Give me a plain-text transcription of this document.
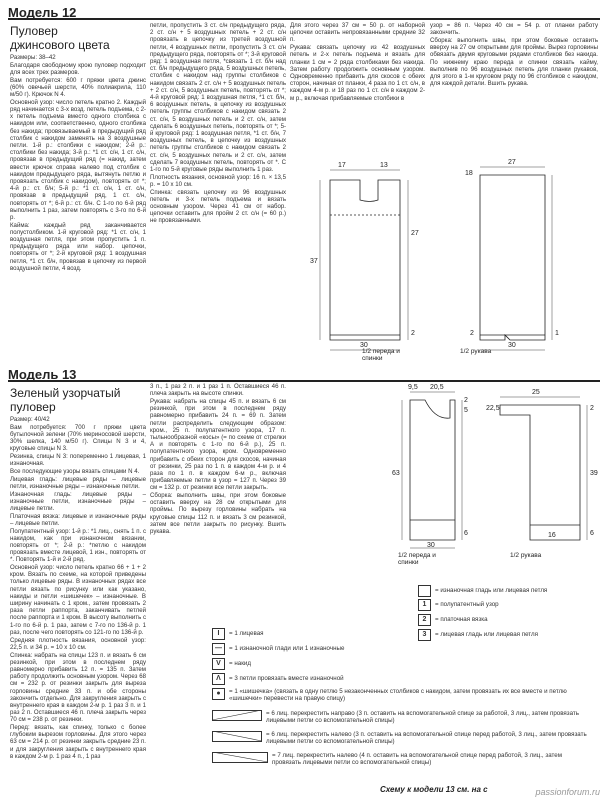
Модель 12
Пуловер
джинсового цвета

Размеры: 38–42

Благодаря свободному крою пуловер подходит для всех трех размеров.

Вам потребуется: 600 г пряжи цвета джинс (60% овечьей шерсти, 40% полиакрила, 110 м/50 г). Крючок N 4.

Основной узор: число петель кратно 2. Каждый ряд начинается с 3-х возд. петель подъема, с 2-х петель подъема вместо одного столбика с накидом или, соответственно, одного столбика без накида; провязываемый в предыдущий ряд столбик с накидом заменять на 3 воздушные петли. 1-й р.: столбики с накидом; 2-й р.: столбики без накида; 3-й р.: *1 ст. с/н, 1 ст. с/н, провязав в предыдущий ряд (= накид, затем ввести крючок справа налево под столбик с накидом предыдущего ряда, вытянуть петлю и провязать столбик с накидом), повторять от *; 4-й р.: ст. б/н; 5-й р.: *1 ст. с/н, 1 ст. с/н, провязав в предыдущий ряд, 1 ст. с/н, повторять от *; 6-й р.: ст. б/н. С 1-го по 6-й ряд выполнить 1 раз, затем повторять с 3-го по 6-й р.

Кайма: каждый ряд заканчивается полустолбиком. 1-й круговой ряд: *1 ст. с/н, 1 воздушная петля, при этом пропустить 1 п. предыдущего ряда или набор. цепочки, повторять от *; 2-й круговой ряд: 1 воздушная петля, *1 ст. б/н, провязав в цепочку из первой воздушной петли, 4 возд.

петли, пропустить 3 ст. с/н предыдущего ряда, 2 ст. с/н + 5 воздушных петель + 2 ст. с/н провязать в цепочку из третей воздушной петли, 4 воздушных петли, пропустить 3 ст. с/н предыдущего ряда, повторять от *; 3-й круговой ряд: 1 воздушная петля, *связать 1 ст. б/н над ст. б/н предыдущего ряда, 5 воздушных петель, столбик с накидом над группы столбиков с накидом связать 2 ст. с/н + 5 воздушных петель + 2 ст. с/н, 5 воздушных петель, повторять от *; 4-й круговой ряд: 1 воздушная петля, *1 ст. б/н, 6 воздушных петель, в цепочку из воздушных петель группы столбиков с накидом связать 2 ст. с/н, 5 воздушных петель и 2 ст. с/н, затем сделать 6 воздушных петель, повторять от *; 5-й круговой ряд: 1 воздушная петля, *1 ст. б/н, 7 воздушных петель, в цепочку из воздушных петель группы столбиков с накидом связать 2 ст. с/н, 5 воздушных петель и 2 ст. с/н, затем сделать 7 воздушных петель, повторять от *. С 1-го по 5-й круговые ряды выполнить 1 раз.

Плотность вязания, основной узор: 16 п. × 13,5 р. = 10 х 10 см.

Спинка: связать цепочку из 96 воздушных петель и 3-х петель подъема и вязать основным узором. Через 41 см от набор. цепочки оставить для пройм 2 ст. с/н (= 60 р.) не провязанными.

Для этого через 37 см = 50 р. от наборной цепочки оставить непровязанными средние 32 п.

Рукава: связать цепочку из 42 воздушных петель и 2-х петель подъема и вязать для планки 1 см = 2 ряда столбиками без накида. Затем работу продолжить основным узором. Одновременно прибавить для скосов с обеих сторон, начиная от планки, 4 раза по 1 ст. с/н, в каждом 4-м р. и 18 раз по 1 ст. с/н в каждом 2-м р., включая прибавляемые столбики в

узор = 86 п. Через 40 см = 54 р. от планки работу закончить.

Сборка: выполнить швы, при этом боковые оставить вверху на 27 см открытыми для проймы. Вырез горловины обвязать двумя круговыми рядами столбиков без накида. По нижнему краю переда и спинки связать кайму, выполнив по 96 воздушных петель для планки рукавов, для этого в 1-м круговом ряду по 96 столбиков с накидом, для каждой детали. Вшить рукава.

17	13
37
27
2
30
18
27
1
2
30
1/2 переда и спинки
1/2 рукава
Модель 13
Зеленый узорчатый
пуловер

Размер: 40/42

Вам потребуется: 700 г пряжи цвета бутылочной зелени (70% мериносовой шерсти, 30% шелка, 140 м/50 г). Спицы N 3 и 4, круговые спицы N 3.

Резинка, спицы N 3: попеременно 1 лицевая, 1 изнаночная.

Все последующие узоры вязать спицами N 4.

Лицевая гладь: лицевые ряды – лицевые петли, изнаночные ряды – изнаночные петли.

Изнаночная гладь: лицевые ряды – изнаночные петли, изнаночные ряды – лицевые петли.

Платочная вязка: лицевые и изнаночные ряды – лицевые петли.

Полупатентный узор: 1-й р.: *1 лиц., снять 1 п. с накидом, как при изнаночном вязании, повторять от *; 2-й р.: *петлю с накидом провязать вместе лицевой, 1 изн., повторять от *. Повторять 1-й и 2-й ряд.

Основной узор: число петель кратно 66 + 1 + 2 кром. Вязать по схеме, на которой приведены только лицевые ряды. В изнаночных рядах все петли вязать по рисунку или как указано, накиды и петли «шишечек» – изнаночные. В ширину начинать с 1 кром., затем провязать 2 раза петли раппорта, заканчивать петлей после раппорта и 1 кром. В высоту выполнить с 1-го по 6-й р. 1 раз, затем с 7-го по 136-й р. 1 раз, после чего повторять со 121-го по 136-й р.

Средняя плотность вязания, основной узор: 22,5 п. и 34 р. = 10 х 10 см.

Спинка: набрать на спицы 123 п. и вязать 6 см резинкой, при этом в последнем ряду равномерно прибавить 12 п. = 135 п. Затем работу продолжить основным узором. Через 68 см = 232 р. от резинки закрыть для выреза горловины средние 33 п. и обе стороны закончить отдельно. Для закругления закрыть с внутреннего края в каждом 2-м р. 1 раз 3 п. и 1 раз 2 п. Оставшиеся 46 п. плеча закрыть через 70 см = 238 р. от резинки.

Перед: вязать, как спинку, только с более глубоким вырезом горловины. Для этого через 63 см = 214 р. от резинки закрыть средние 23 п. и для закругления закрыть с внутреннего края в каждом 2-м р. 1 раз 4 п., 1 раз

3 п., 1 раз 2 п. и 1 раз 1 п. Оставшиеся 46 п. плеча закрыть на высоте спинки.

Рукава: набрать на спицы 45 п. и вязать 6 см резинкой, при этом в последнем ряду равномерно прибавить 24 п. = 69 п. Затем петли распределить следующим образом: кром., 25 п. полупатентного узора, 17 п. тыльнообразной «косы» (= по схеме от стрелки A и повторять с 1-го по 6-й р.), 25 п. полупатентного узора, кром. Одновременно прибавить с обеих сторон для скосов, начиная от резинки, 25 раз по 1 п. в каждом 4-м р. и 4 раза по 1 п. в каждом 6-м р., включая прибавляемые петли в узор = 127 п. Через 39 см = 132 р. от резинки все петли закрыть.

Сборка: выполнить швы, при этом боковые оставить вверху на 28 см открытыми для проймы. По вырезу горловины набрать на круговые спицы 112 п. и вязать 3 см резинкой, затем все петли закрыть по рисунку. Вшить рукава.

9,5 20,5
5
2
63
30
6
25
22,5	2
39
16	6
1/2 переда и спинки
1/2 рукава
= изнаночная гладь или лицевая петля
1	= полупатентный узор
2	= платочная вязка
3	= лицевая гладь или лицевая петля
I	= 1 лицевая
—	= 1 изнаночной глади или 1 изнаночные
V	= накид
Λ	= 3 петли провязать вместе изнаночной
●	= 1 «шишечка» (связать в одну петлю 5 незаконченных столбиков с накидом, затем провязать их все вместе и петлю «шишечки» перевести на правую спицу)
= 6 лиц. перекрестить направо (3 п. оставить на вспомогательной спице за работой, 3 лиц., затем провязать лицевыми петли со вспомогательной спицы)
= 6 лиц. перекрестить налево (3 п. оставить на вспомогательной спице перед работой, 3 лиц., затем провязать лицевыми петли со вспомогательной спицы)
= 7 лиц. перекрестить налево (4 п. оставить на вспомогательной спице перед работой, 3 лиц., затем провязать лицевыми петли со вспомогательной спицы)
Схему к модели 13 см. на с	passionforum.ru
